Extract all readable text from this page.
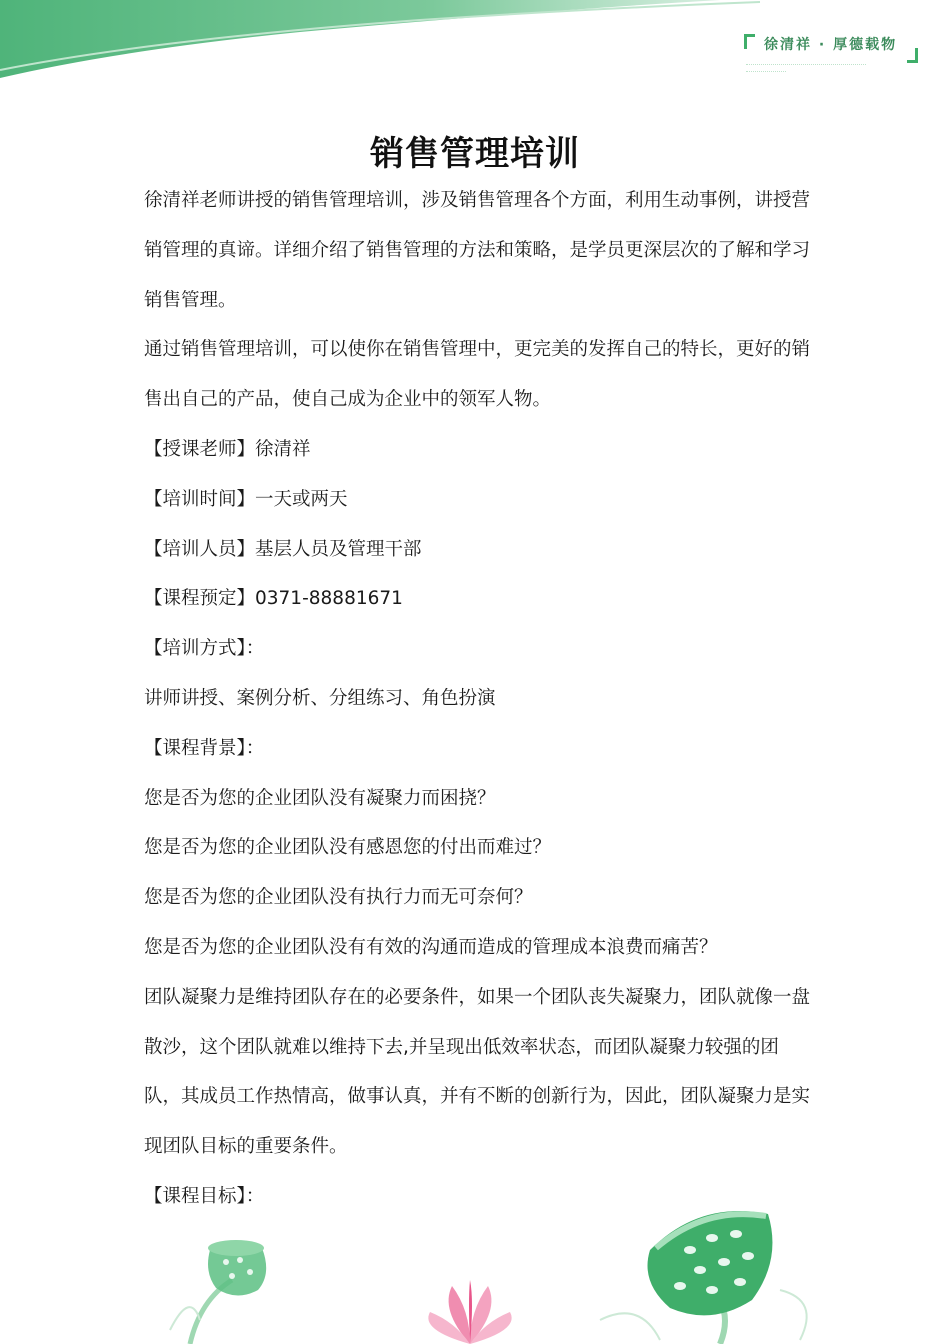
徐清祥 · 厚德载物
销售管理培训

徐清祥老师讲授的销售管理培训，涉及销售管理各个方面，利用生动事例，讲授营销管理的真谛。详细介绍了销售管理的方法和策略，是学员更深层次的了解和学习销售管理。

通过销售管理培训，可以使你在销售管理中，更完美的发挥自己的特长，更好的销售出自己的产品，使自己成为企业中的领军人物。

【授课老师】徐清祥

【培训时间】一天或两天

【培训人员】基层人员及管理干部

【课程预定】0371-88881671

【培训方式】：

讲师讲授、案例分析、分组练习、角色扮演

【课程背景】：

您是否为您的企业团队没有凝聚力而困挠？

您是否为您的企业团队没有感恩您的付出而难过？

您是否为您的企业团队没有执行力而无可奈何？

您是否为您的企业团队没有有效的沟通而造成的管理成本浪费而痛苦？

团队凝聚力是维持团队存在的必要条件，如果一个团队丧失凝聚力，团队就像一盘散沙，这个团队就难以维持下去,并呈现出低效率状态，而团队凝聚力较强的团队，其成员工作热情高，做事认真，并有不断的创新行为，因此，团队凝聚力是实现团队目标的重要条件。

【课程目标】：
